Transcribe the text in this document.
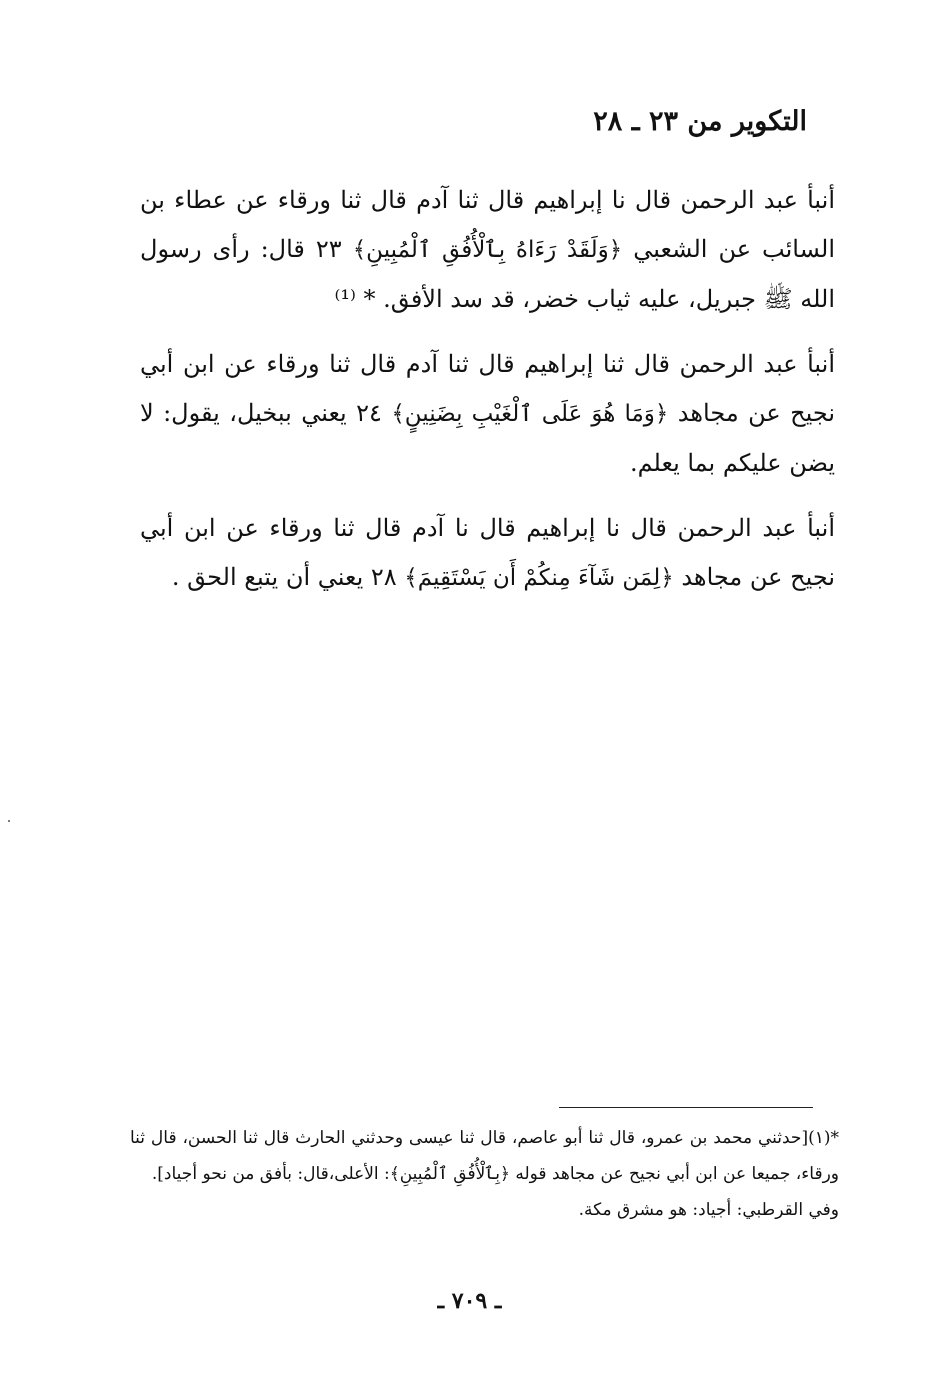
التكوير من ٢٣ ـ ٢٨

أنبأ عبد الرحمن قال نا إبراهيم قال ثنا آدم قال ثنا ورقاء عن عطاء بن السائب عن الشعبي ﴿وَلَقَدْ رَءَاهُ بِٱلْأُفُقِ ٱلْمُبِينِ﴾ ٢٣ قال: رأى رسول الله ﷺ جبريل، عليه ثياب خضر، قد سد الأفق. * ⁽¹⁾

أنبأ عبد الرحمن قال ثنا إبراهيم قال ثنا آدم قال ثنا ورقاء عن ابن أبي نجيح عن مجاهد ﴿وَمَا هُوَ عَلَى ٱلْغَيْبِ بِضَنِينٍ﴾ ٢٤ يعني ببخيل، يقول: لا يضن عليكم بما يعلم.

أنبأ عبد الرحمن قال نا إبراهيم قال نا آدم قال ثنا ورقاء عن ابن أبي نجيح عن مجاهد ﴿لِمَن شَآءَ مِنكُمْ أَن يَسْتَقِيمَ﴾ ٢٨ يعني أن يتبع الحق .

*(١)[حدثني محمد بن عمرو، قال ثنا أبو عاصم، قال ثنا عيسى وحدثني الحارث قال ثنا الحسن، قال ثنا ورقاء، جميعا عن ابن أبي نجيح عن مجاهد قوله ﴿بِٱلْأُفُقِ ٱلْمُبِينِ﴾: الأعلى،قال: بأفق من نحو أجياد].

وفي القرطبي: أجياد: هو مشرق مكة.

ـ ٧٠٩ ـ
